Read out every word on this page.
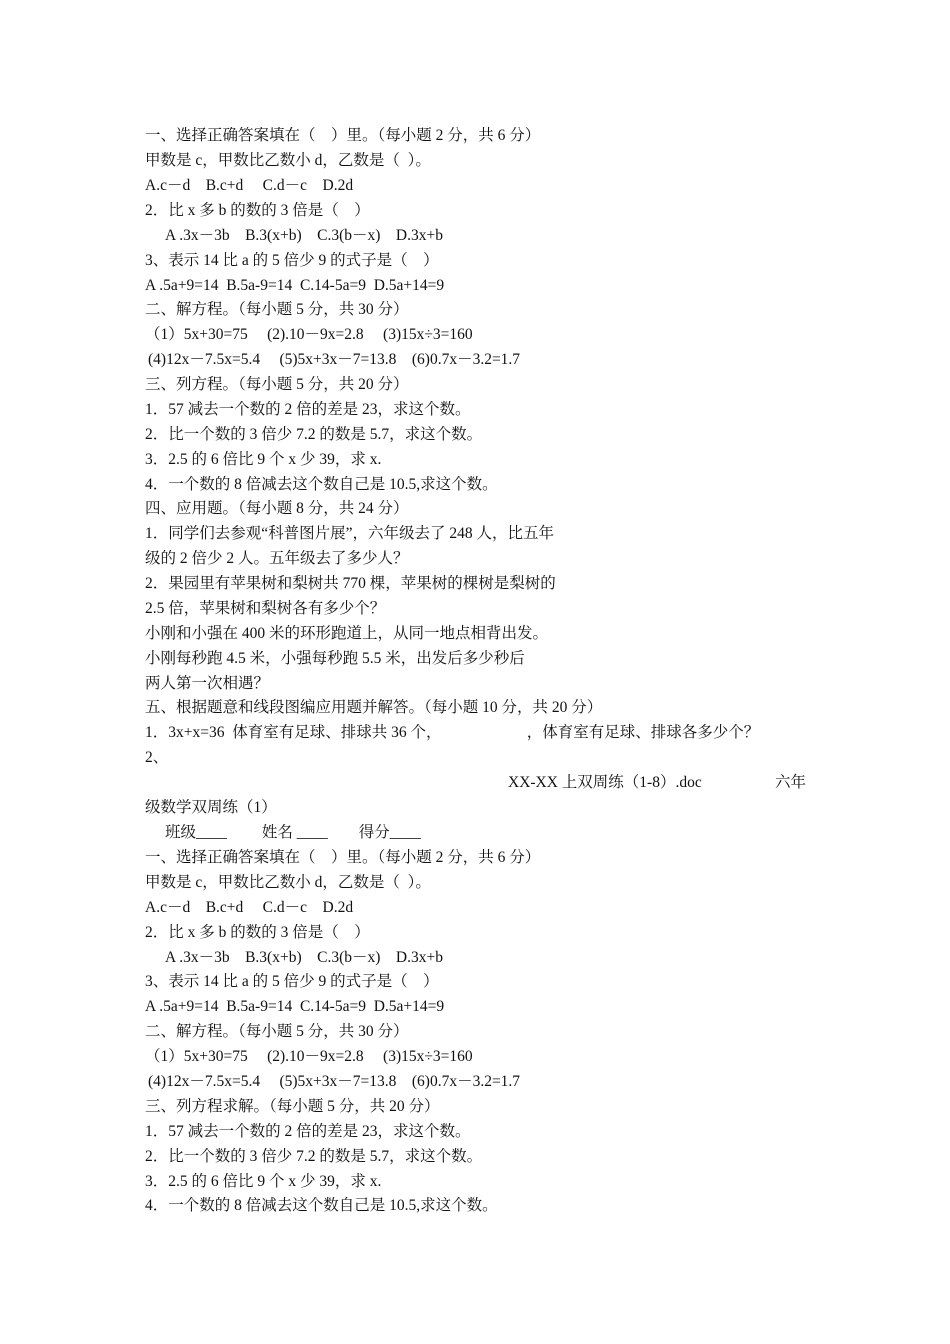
一、选择正确答案填在（　）里。（每小题 2 分，共 6 分）
甲数是 c，甲数比乙数小 d，乙数是（  ）。
A.c－d　B.c+d　 C.d－c　D.2d
2．比 x 多 b 的数的 3 倍是（　）
A .3x－3b　B.3(x+b)　C.3(b－x)　D.3x+b
3、表示 14 比 a 的 5 倍少 9 的式子是（　）
A .5a+9=14  B.5a-9=14  C.14-5a=9  D.5a+14=9
二、解方程。（每小题 5 分，共 30 分）
（1）5x+30=75　 (2).10－9x=2.8　 (3)15x÷3=160
(4)12x－7.5x=5.4　 (5)5x+3x－7=13.8　(6)0.7x－3.2=1.7
三、列方程。（每小题 5 分，共 20 分）
1．57 减去一个数的 2 倍的差是 23，求这个数。
2．比一个数的 3 倍少 7.2 的数是 5.7，求这个数。
3．2.5 的 6 倍比 9 个 x 少 39，求 x.
4．一个数的 8 倍减去这个数自己是 10.5,求这个数。
四、应用题。（每小题 8 分，共 24 分）
1．同学们去参观“科普图片展”，六年级去了 248 人，比五年
级的 2 倍少 2 人。五年级去了多少人？
2．果园里有苹果树和梨树共 770 棵，苹果树的棵树是梨树的
2.5 倍，苹果树和梨树各有多少个？
小刚和小强在 400 米的环形跑道上，从同一地点相背出发。
小刚每秒跑 4.5 米，小强每秒跑 5.5 米，出发后多少秒后
两人第一次相遇？
五、根据题意和线段图编应用题并解答。（每小题 10 分，共 20 分）
1．3x+x=36  体育室有足球、排球共 36 个，　　　　　　，体育室有足球、排球各多少个？
2、
XX-XX 上双周练（1-8）.doc	六年
级数学双周练（1）
班级____　　 姓名 ____　　得分____
一、选择正确答案填在（　）里。（每小题 2 分，共 6 分）
甲数是 c，甲数比乙数小 d，乙数是（  ）。
A.c－d　B.c+d　 C.d－c　D.2d
2．比 x 多 b 的数的 3 倍是（　）
A .3x－3b　B.3(x+b)　C.3(b－x)　D.3x+b
3、表示 14 比 a 的 5 倍少 9 的式子是（　）
A .5a+9=14  B.5a-9=14  C.14-5a=9  D.5a+14=9
二、解方程。（每小题 5 分，共 30 分）
（1）5x+30=75　 (2).10－9x=2.8　 (3)15x÷3=160
(4)12x－7.5x=5.4　 (5)5x+3x－7=13.8　(6)0.7x－3.2=1.7
三、列方程求解。（每小题 5 分，共 20 分）
1．57 减去一个数的 2 倍的差是 23，求这个数。
2．比一个数的 3 倍少 7.2 的数是 5.7，求这个数。
3．2.5 的 6 倍比 9 个 x 少 39，求 x.
4．一个数的 8 倍减去这个数自己是 10.5,求这个数。
